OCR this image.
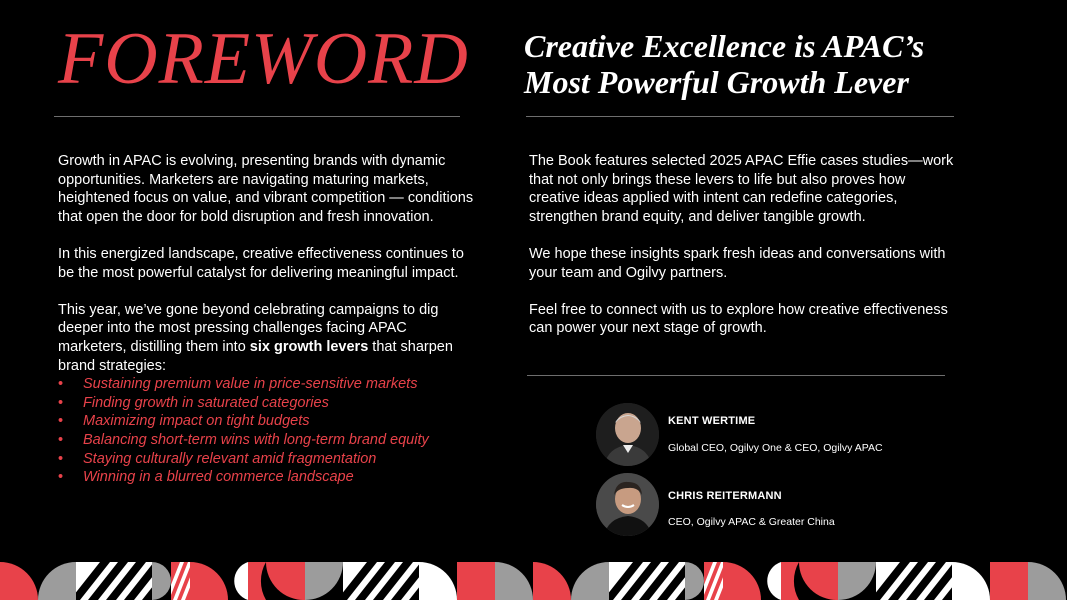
FOREWORD Creative Excellence is APAC’s
Most Powerful Growth Lever

Growth in APAC is evolving, presenting brands with dynamic opportunities. Marketers are navigating maturing markets, heightened focus on value, and vibrant competition — conditions that open the door for bold disruption and fresh innovation.

In this energized landscape, creative effectiveness continues to be the most powerful catalyst for delivering meaningful impact.

This year, we’ve gone beyond celebrating campaigns to dig deeper into the most pressing challenges facing APAC marketers, distilling them into six growth levers that sharpen brand strategies:

• Sustaining premium value in price-sensitive markets
• Finding growth in saturated categories
• Maximizing impact on tight budgets
• Balancing short-term wins with long-term brand equity
• Staying culturally relevant amid fragmentation
• Winning in a blurred commerce landscape

The Book features selected 2025 APAC Effie cases studies—work that not only brings these levers to life but also proves how creative ideas applied with intent can redefine categories, strengthen brand equity, and deliver tangible growth.

We hope these insights spark fresh ideas and conversations with your team and Ogilvy partners.

Feel free to connect with us to explore how creative effectiveness can power your next stage of growth.

KENT WERTIME
Global CEO, Ogilvy One & CEO, Ogilvy APAC
CHRIS REITERMANN
CEO, Ogilvy APAC & Greater China
